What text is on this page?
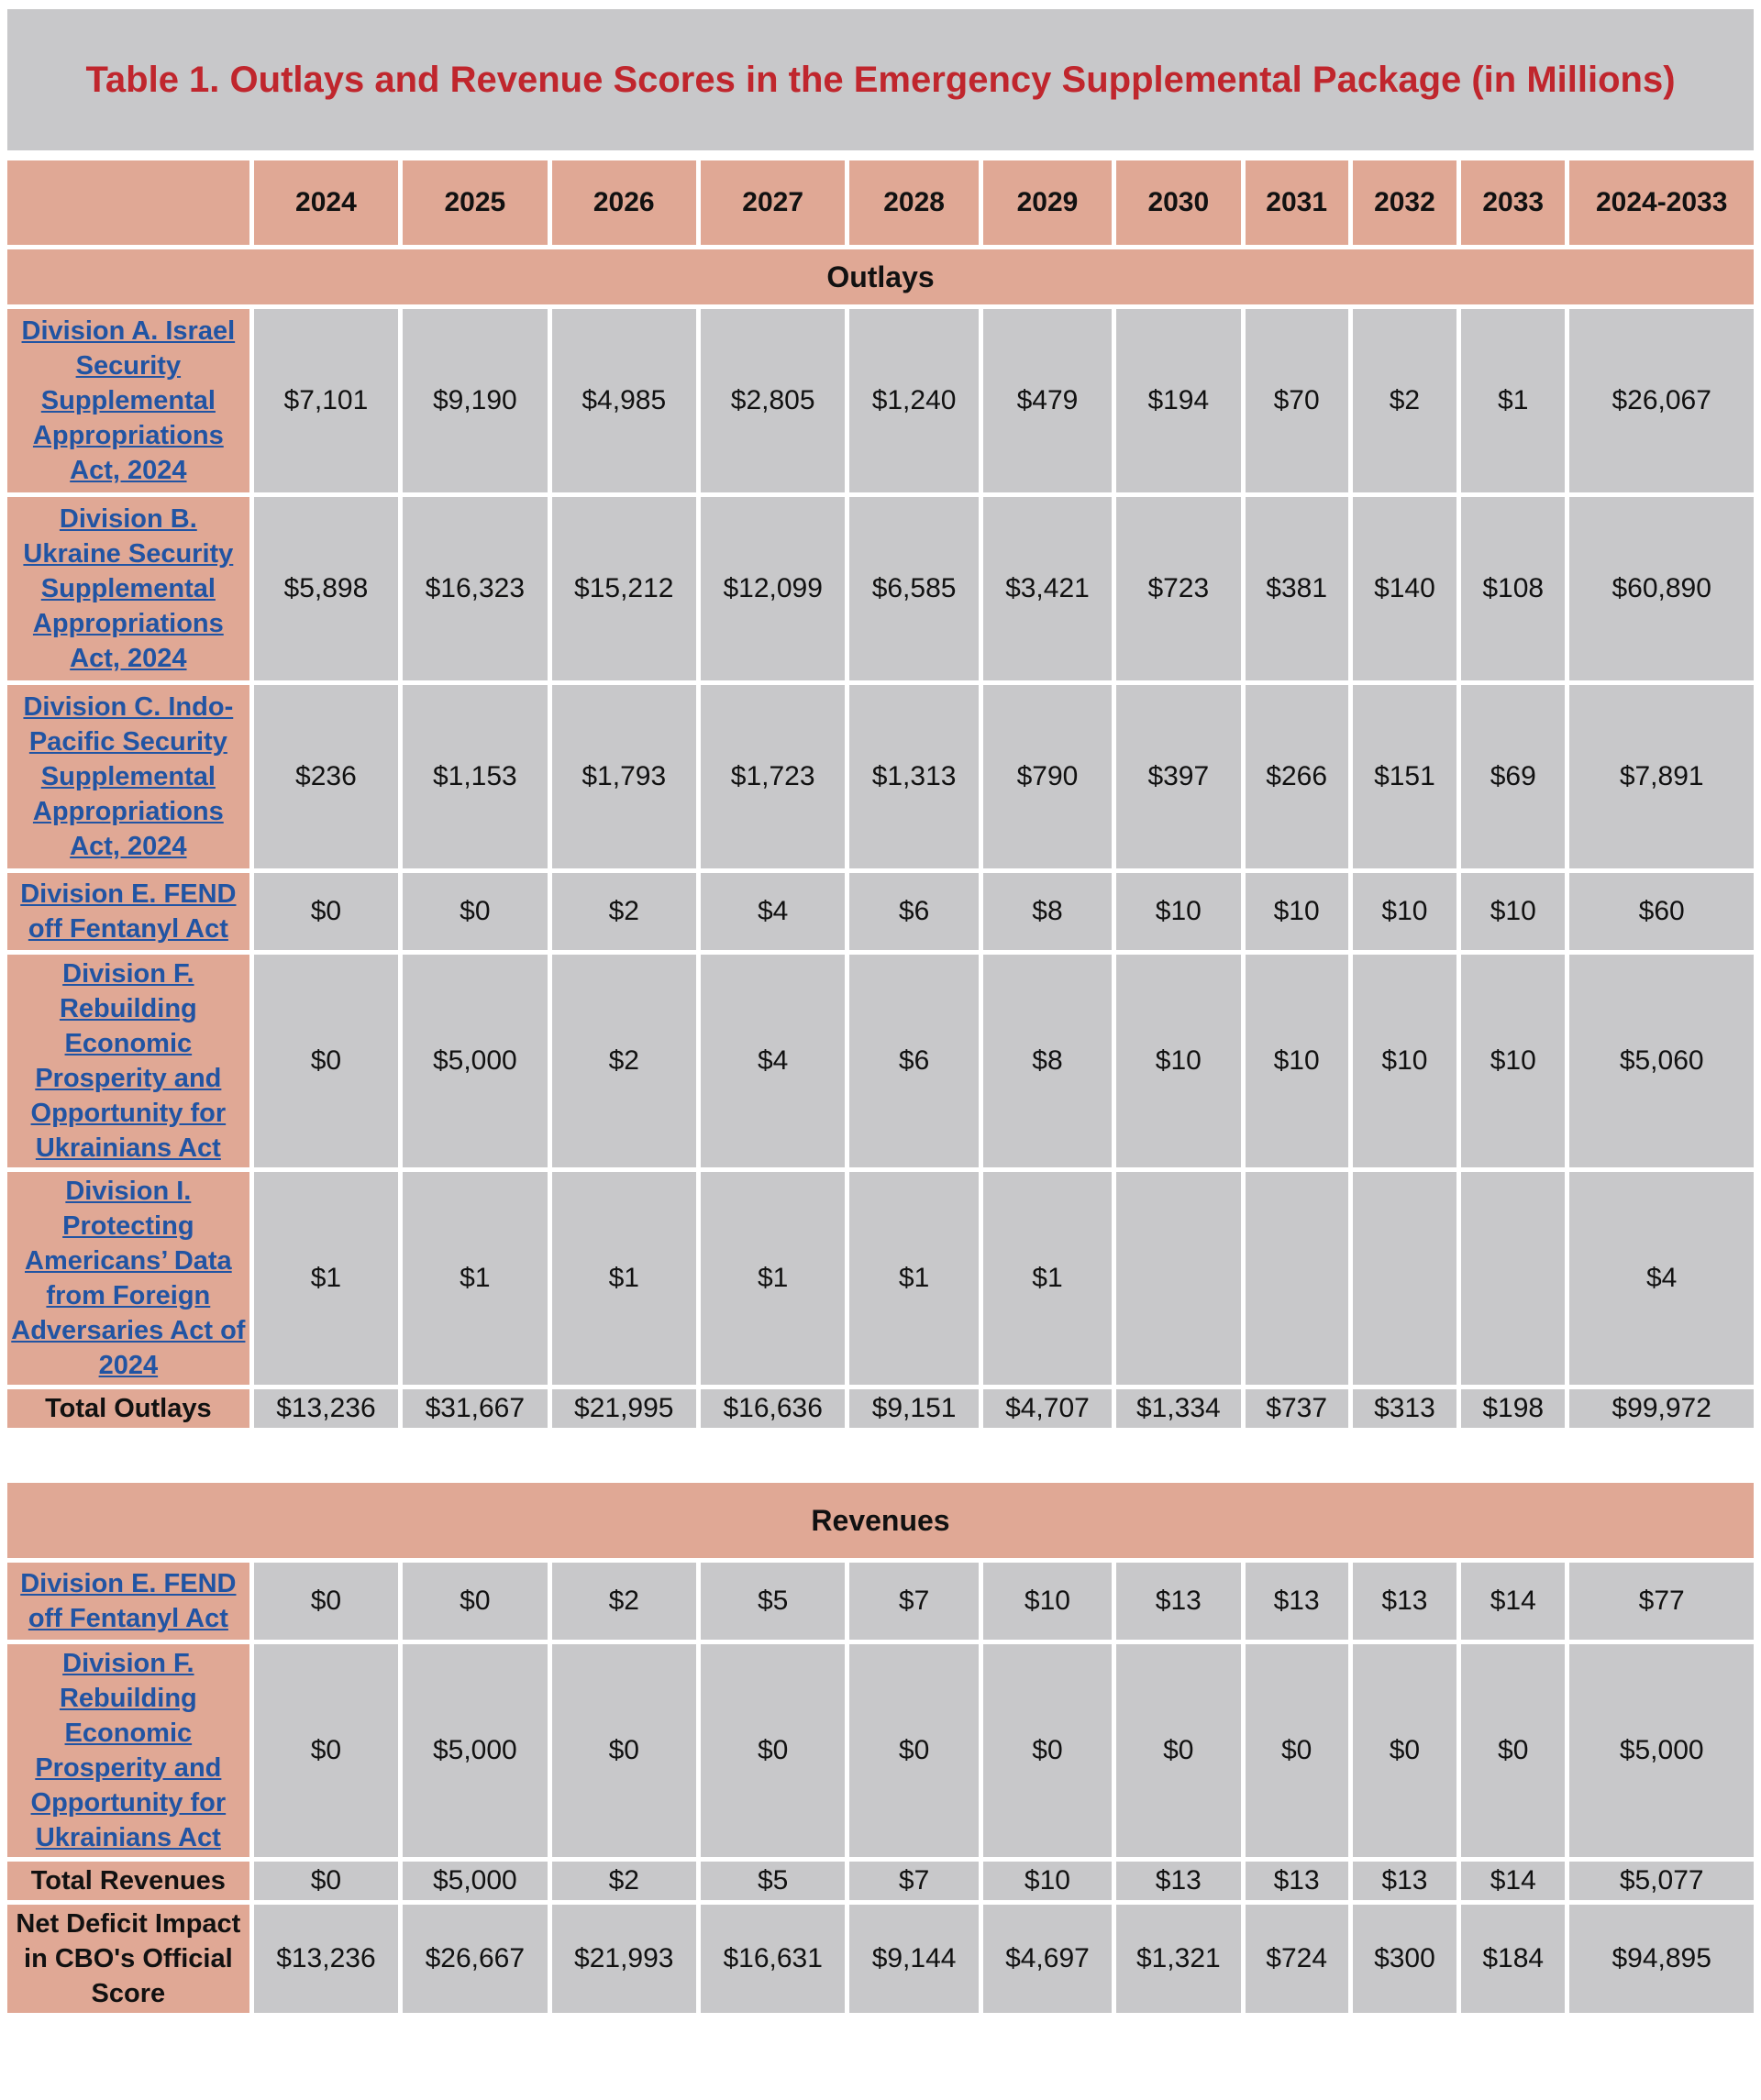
Table 1. Outlays and Revenue Scores in the Emergency Supplemental Package (in Millions)
	2024	2025	2026	2027	2028	2029	2030	2031	2032	2033	2024-2033
Outlays											
Division A. Israel Security Supplemental Appropriations Act, 2024	$7,101	$9,190	$4,985	$2,805	$1,240	$479	$194	$70	$2	$1	$26,067
Division B. Ukraine Security Supplemental Appropriations Act, 2024	$5,898	$16,323	$15,212	$12,099	$6,585	$3,421	$723	$381	$140	$108	$60,890
Division C. Indo-Pacific Security Supplemental Appropriations Act, 2024	$236	$1,153	$1,793	$1,723	$1,313	$790	$397	$266	$151	$69	$7,891
Division E. FEND off Fentanyl Act	$0	$0	$2	$4	$6	$8	$10	$10	$10	$10	$60
Division F. Rebuilding Economic Prosperity and Opportunity for Ukrainians Act	$0	$5,000	$2	$4	$6	$8	$10	$10	$10	$10	$5,060
Division I. Protecting Americans’ Data from Foreign Adversaries Act of 2024	$1	$1	$1	$1	$1	$1					$4
Total Outlays	$13,236	$31,667	$21,995	$16,636	$9,151	$4,707	$1,334	$737	$313	$198	$99,972
Revenues											
Division E. FEND off Fentanyl Act	$0	$0	$2	$5	$7	$10	$13	$13	$13	$14	$77
Division F. Rebuilding Economic Prosperity and Opportunity for Ukrainians Act	$0	$5,000	$0	$0	$0	$0	$0	$0	$0	$0	$5,000
Total Revenues	$0	$5,000	$2	$5	$7	$10	$13	$13	$13	$14	$5,077
Net Deficit Impact in CBO's Official Score	$13,236	$26,667	$21,993	$16,631	$9,144	$4,697	$1,321	$724	$300	$184	$94,895
